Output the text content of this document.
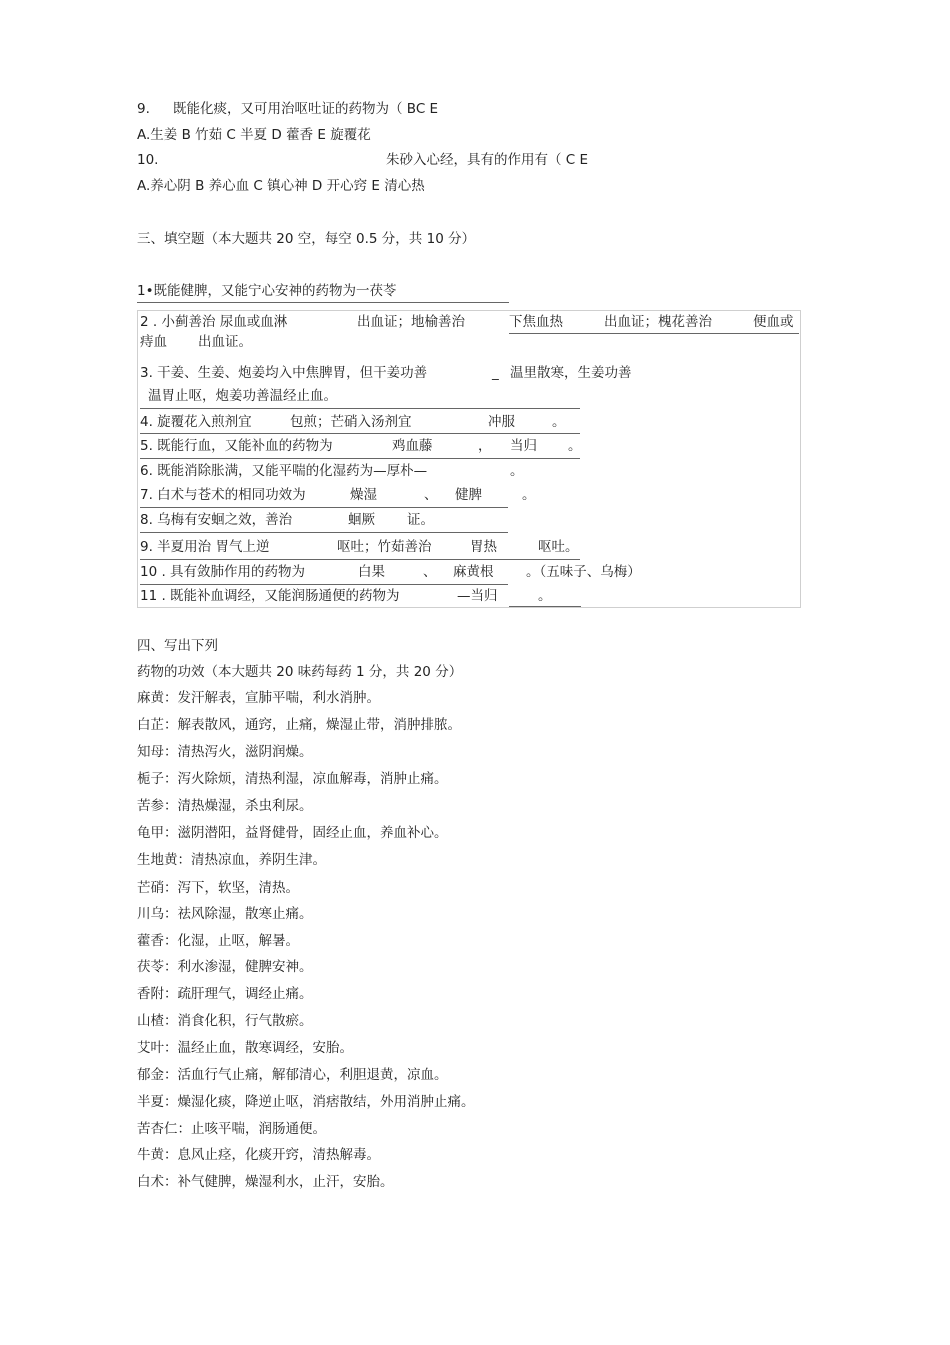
9. 既能化痰，又可用治呕吐证的药物为（ BC E
A.生姜 B 竹茹 C 半夏 D 藿香 E 旋覆花
10.	朱砂入心经，具有的作用有（ C E
A.养心阴 B 养心血 C 镇心神 D 开心窍 E 清心热
三、填空题（本大题共 20 空，每空 0.5 分，共 10 分）
1•既能健脾，又能宁心安神的药物为一茯苓
2 . 小蓟善治 尿血或血淋	出血证；地榆善治	下焦血热	出血证；槐花善治	便血或
痔血 出血证。
3. 干姜、生姜、炮姜均入中焦脾胃，但干姜功善	_ 温里散寒，生姜功善
温胃止呕，炮姜功善温经止血。
4. 旋覆花入煎剂宜	包煎；芒硝入汤剂宜	冲服	。
5. 既能行血，又能补血的药物为	鸡血藤	， 当归 。
6. 既能消除胀满，又能平喘的化湿药为—厚朴—	。
7. 白术与苍术的相同功效为	燥湿	、 健脾	。
8. 乌梅有安蛔之效，善治	蛔厥 证。
9. 半夏用治 胃气上逆	呕吐；竹茹善治	胃热	呕吐。
10 . 具有敛肺作用的药物为	白果	、 麻黄根 。（五味子、乌梅）
11 . 既能补血调经，又能润肠通便的药物为	—当归	。
四、写出下列
药物的功效（本大题共 20 味药每药 1 分，共 20 分）
麻黄：发汗解表，宣肺平喘，利水消肿。
白芷：解表散风，通窍，止痛，燥湿止带，消肿排脓。
知母：清热泻火，滋阴润燥。
栀子：泻火除烦，清热利湿，凉血解毒，消肿止痛。
苦参：清热燥湿，杀虫利尿。
龟甲：滋阴潜阳，益肾健骨，固经止血，养血补心。
生地黄：清热凉血，养阴生津。
芒硝：泻下，软坚，清热。
川乌：祛风除湿，散寒止痛。
藿香：化湿，止呕，解暑。
茯苓：利水渗湿，健脾安神。
香附：疏肝理气，调经止痛。
山楂：消食化积，行气散瘀。
艾叶：温经止血，散寒调经，安胎。
郁金：活血行气止痛，解郁清心，利胆退黄，凉血。
半夏：燥湿化痰，降逆止呕，消痞散结，外用消肿止痛。
苦杏仁：止咳平喘，润肠通便。
牛黄：息风止痉，化痰开窍，清热解毒。
白术：补气健脾，燥湿利水，止汗，安胎。
